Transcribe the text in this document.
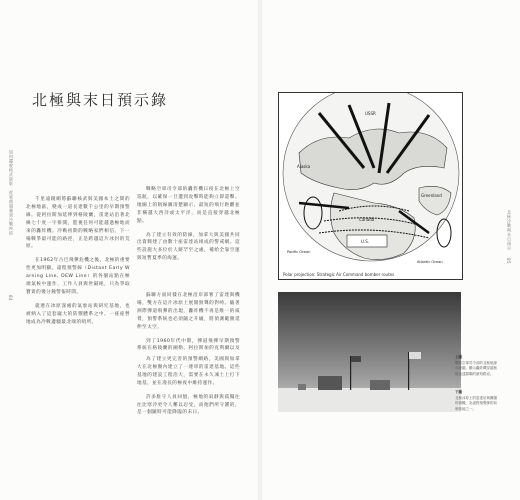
如何擺脫核武陰影：從軍備競賽到冷戰終結
84
北極與末日預示錄

千里遠鏡網將蘇聯核武與美國本土之間的北極地區，變成一道長達數千公里的早期預警線。從阿拉斯加延伸到格陵蘭，雷達站沿著北緯七十度一字排開，監視任何可能越過極地而來的轟炸機。冷戰初期的戰略家們相信，下一場戰爭最可能的路徑，正是跨越這片冰封的荒原。

在1962年古巴飛彈危機之後，北極的重要性更加明顯。遠程預警線（Distant Early Warning Line, DEW Line）的各個站點在極端氣候中運作，工作人員與世隔絕，只為爭取寶貴的幾分鐘警報時間。

就連在冰原深處的氣象站與研究基地，也被納入了這套龐大的防禦體系之中，一座座營地成為冷戰邊疆最北端的哨所。

戰略空軍司令部的轟炸機日夜在北極上空巡航，以確保一旦遭到攻擊時能夠立即還擊。地圖上的航線圖清楚顯示，最短的飛行距離並非橫越大西洋或太平洋，而是直接穿越北極點。

為了建立有效的防線，加拿大與美國共同出資興建了由數十座雷達站組成的警戒網。這些設施大多位於人跡罕至之處，補給全靠空運與短暫夏季的海運。

Polar projection: Strategic Air Command bomber routes
Alaska
Greenland
Canada
U.S.
Pacific Ocean
Atlantic Ocean
USSR
北極冷戰與末日預示
85
上圖
戰略空軍司令部的北極航線示意圖，顯示轟炸機穿越極地直達蘇聯的最短路徑。
下圖
北極冰原上的雷達站與飄揚的旗幟，為遠程預警線的前哨基地之一。

蘇聯方面同樣在北極沿岸部署了雷達與機場，雙方在這片冰原上展開無聲的對峙。隨著洲際彈道飛彈的出現，轟炸機不再是唯一的威脅，預警系統也必須隨之升級，將偵測範圍延伸至太空。

到了1960年代中期，彈道飛彈早期預警系統在格陵蘭的圖勒、阿拉斯加的克利爾以及

為了建立更完善的預警網路，美國與加拿大在北極圈內建立了一連串的雷達基地。這些基地的建設工程浩大，需要在永久凍土上打下地基，並在漫長的極夜中維持運作。

許多駐守人員回憶，極地的寂靜與孤獨往往比寒冷更令人難以忍受，而他們所守護的，是一個隨時可能降臨的末日。
